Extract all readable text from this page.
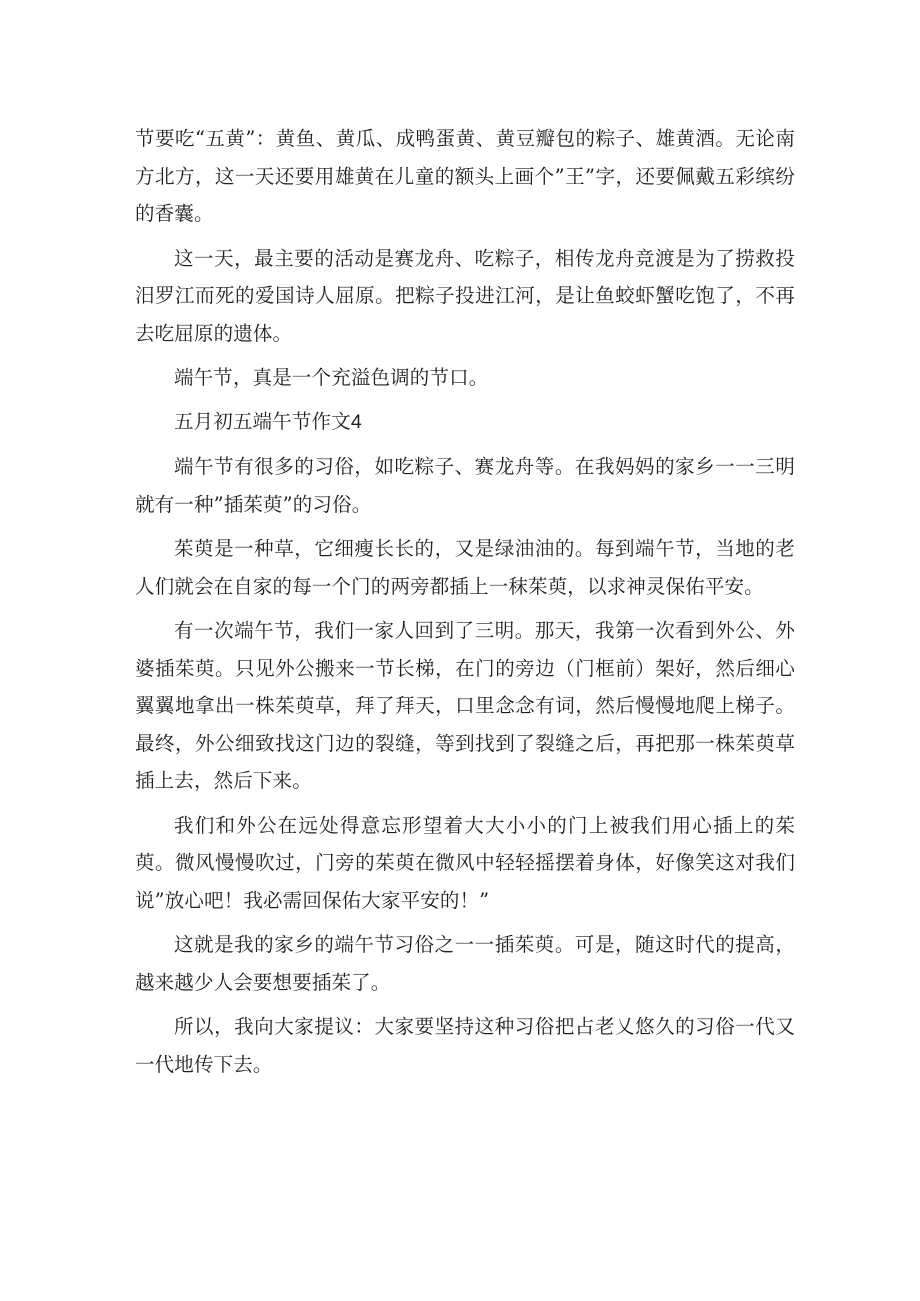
节要吃“五黄”：黄鱼、黄瓜、成鸭蛋黄、黄豆瓣包的粽子、雄黄酒。无论南方北方，这一天还要用雄黄在儿童的额头上画个”王”字，还要佩戴五彩缤纷的香囊。

这一天，最主要的活动是赛龙舟、吃粽子，相传龙舟竞渡是为了捞救投汨罗江而死的爱国诗人屈原。把粽子投进江河，是让鱼蛟虾蟹吃饱了，不再去吃屈原的遗体。

端午节，真是一个充溢色调的节口。

五月初五端午节作文4

端午节有很多的习俗，如吃粽子、赛龙舟等。在我妈妈的家乡一一三明就有一种”插茱萸”的习俗。

茱萸是一种草，它细瘦长长的，又是绿油油的。每到端午节，当地的老人们就会在自家的每一个门的两旁都插上一秣茱萸，以求神灵保佑平安。

有一次端午节，我们一家人回到了三明。那天，我第一次看到外公、外婆插茱萸。只见外公搬来一节长梯，在门的旁边（门框前）架好，然后细心翼翼地拿出一株茱萸草，拜了拜天，口里念念有词，然后慢慢地爬上梯子。最终，外公细致找这门边的裂缝，等到找到了裂缝之后，再把那一株茱萸草插上去，然后下来。

我们和外公在远处得意忘形望着大大小小的门上被我们用心插上的茱萸。微风慢慢吹过，门旁的茱萸在微风中轻轻摇摆着身体，好像笑这对我们说”放心吧！我必需回保佑大家平安的！”

这就是我的家乡的端午节习俗之一一插茱萸。可是，随这时代的提高，越来越少人会要想要插茱了。

所以，我向大家提议：大家要坚持这种习俗把占老乂悠久的习俗一代又一代地传下去。
